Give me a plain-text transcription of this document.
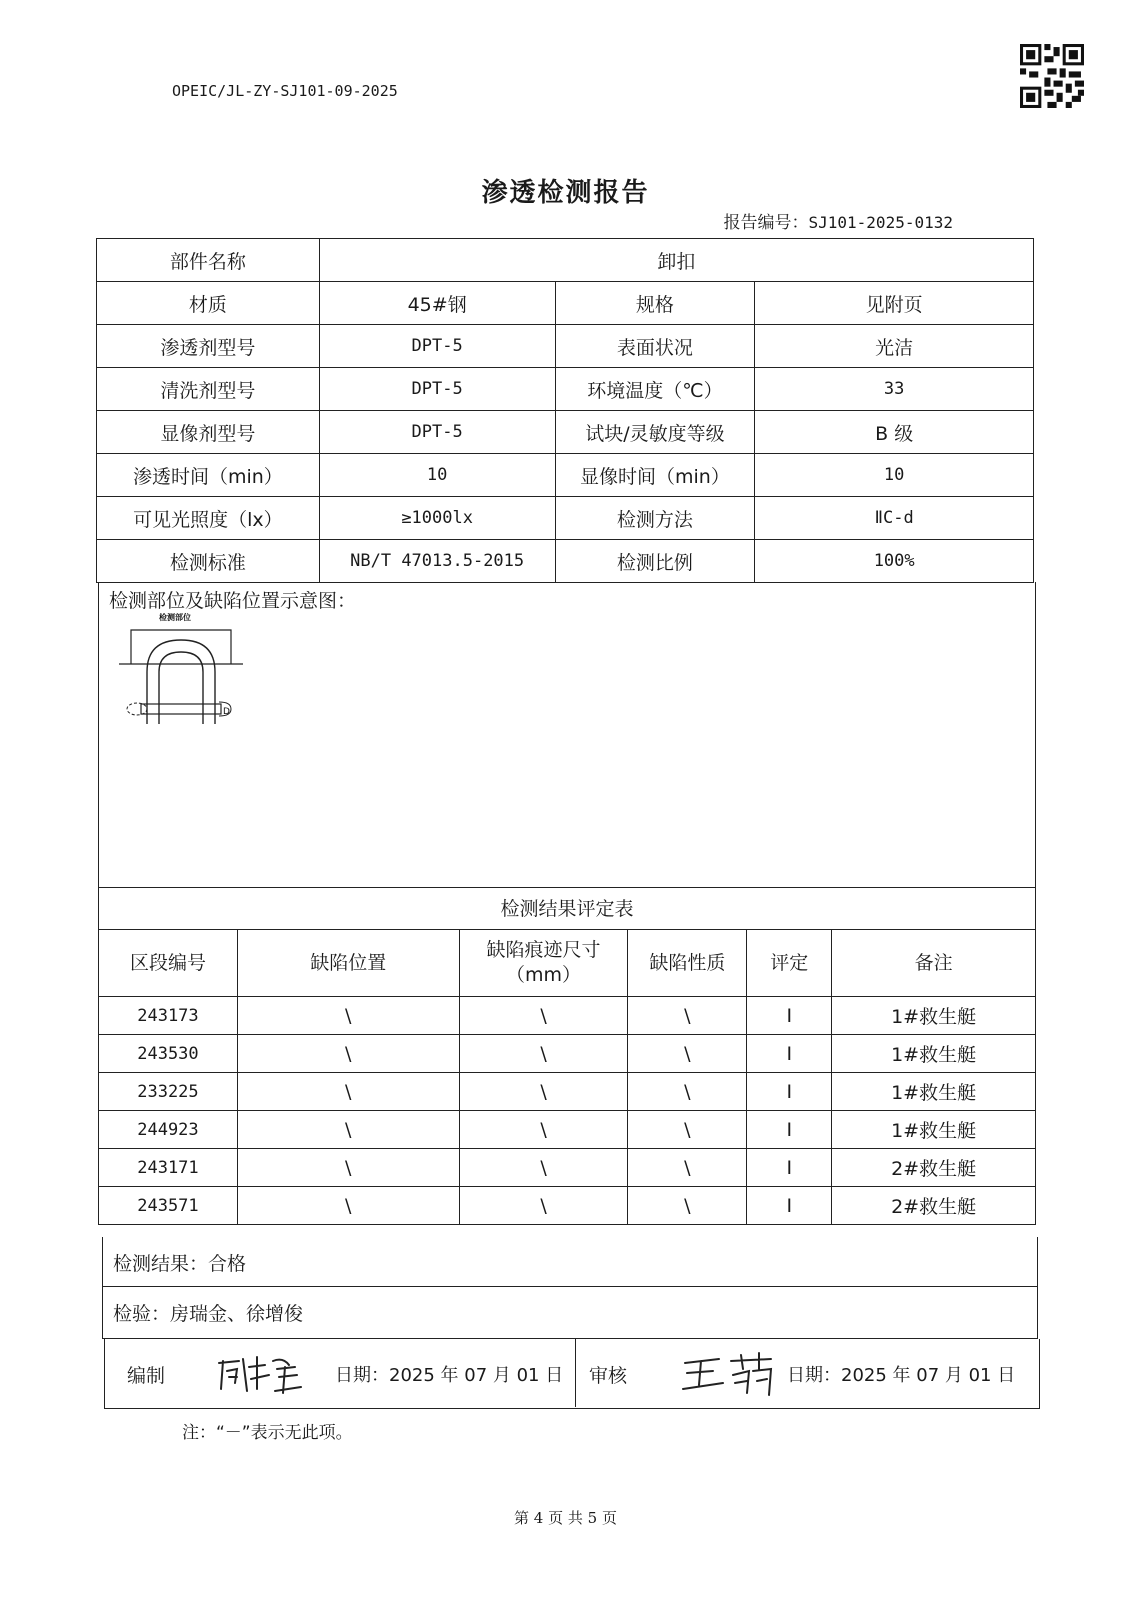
OPEIC/JL-ZY-SJ101-09-2025
渗透检测报告
报告编号：SJ101-2025-0132
部件名称	卸扣		
材质	45#钢	规格	见附页
渗透剂型号	DPT-5	表面状况	光洁
清洗剂型号	DPT-5	环境温度（℃）	33
显像剂型号	DPT-5	试块/灵敏度等级	B 级
渗透时间（min）	10	显像时间（min）	10
可见光照度（lx）	≥1000lx	检测方法	ⅡC-d
检测标准	NB/T 47013.5-2015	检测比例	100%
检测部位及缺陷位置示意图：
检测部位
D
检测结果评定表
区段编号	缺陷位置	缺陷痕迹尺寸
（mm）	缺陷性质	评定	备注
243173	\	\	\	I	1#救生艇
243530	\	\	\	I	1#救生艇
233225	\	\	\	I	1#救生艇
244923	\	\	\	I	1#救生艇
243171	\	\	\	I	2#救生艇
243571	\	\	\	I	2#救生艇
检测结果：合格
检验：房瑞金、徐增俊
编制	日期：2025 年 07 月 01 日 审核	日期：2025 年 07 月 01 日
注：“－”表示无此项。
第 4 页 共 5 页
